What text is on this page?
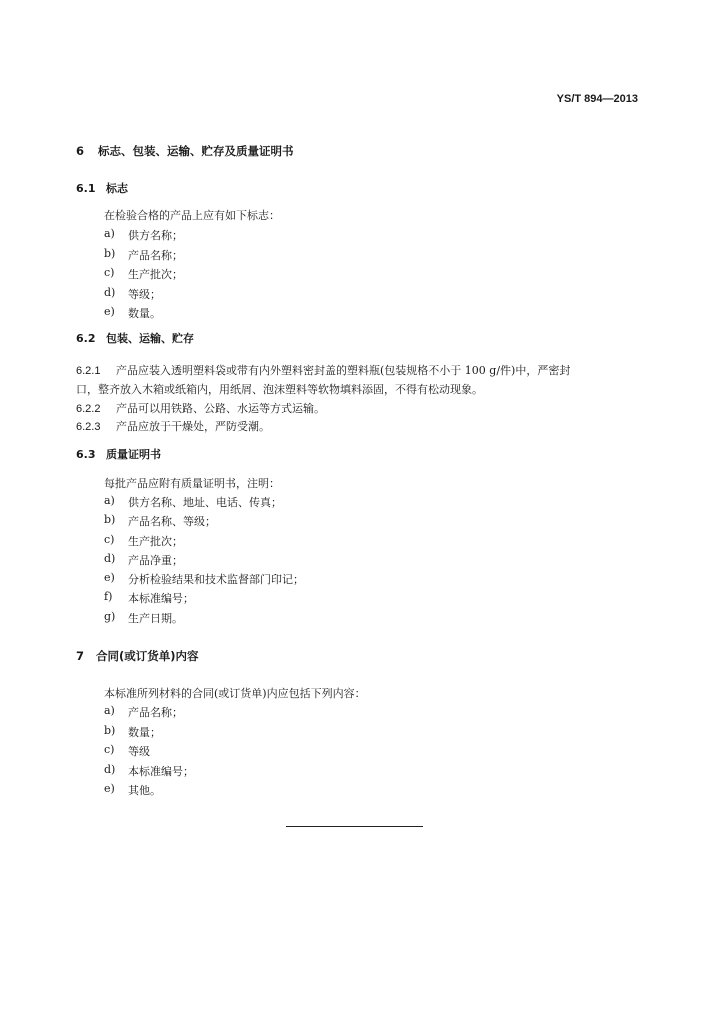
YS/T 894—2013
6 标志、包装、运输、贮存及质量证明书
6.1 标志
在检验合格的产品上应有如下标志：
a)	供方名称；
b)	产品名称；
c)	生产批次；
d)	等级；
e)	数量。
6.2 包装、运输、贮存
6.2.1 产品应装入透明塑料袋或带有内外塑料密封盖的塑料瓶(包装规格不小于 100 g/件)中，严密封
口，整齐放入木箱或纸箱内，用纸屑、泡沫塑料等软物填料添固，不得有松动现象。
6.2.2 产品可以用铁路、公路、水运等方式运输。
6.2.3 产品应放于干燥处，严防受潮。
6.3 质量证明书
每批产品应附有质量证明书，注明：
a)	供方名称、地址、电话、传真；
b)	产品名称、等级；
c)	生产批次；
d)	产品净重；
e)	分析检验结果和技术监督部门印记；
f)	本标准编号；
g)	生产日期。
7 合同(或订货单)内容
本标准所列材料的合同(或订货单)内应包括下列内容：
a)	产品名称；
b)	数量；
c)	等级
d)	本标准编号；
e)	其他。
